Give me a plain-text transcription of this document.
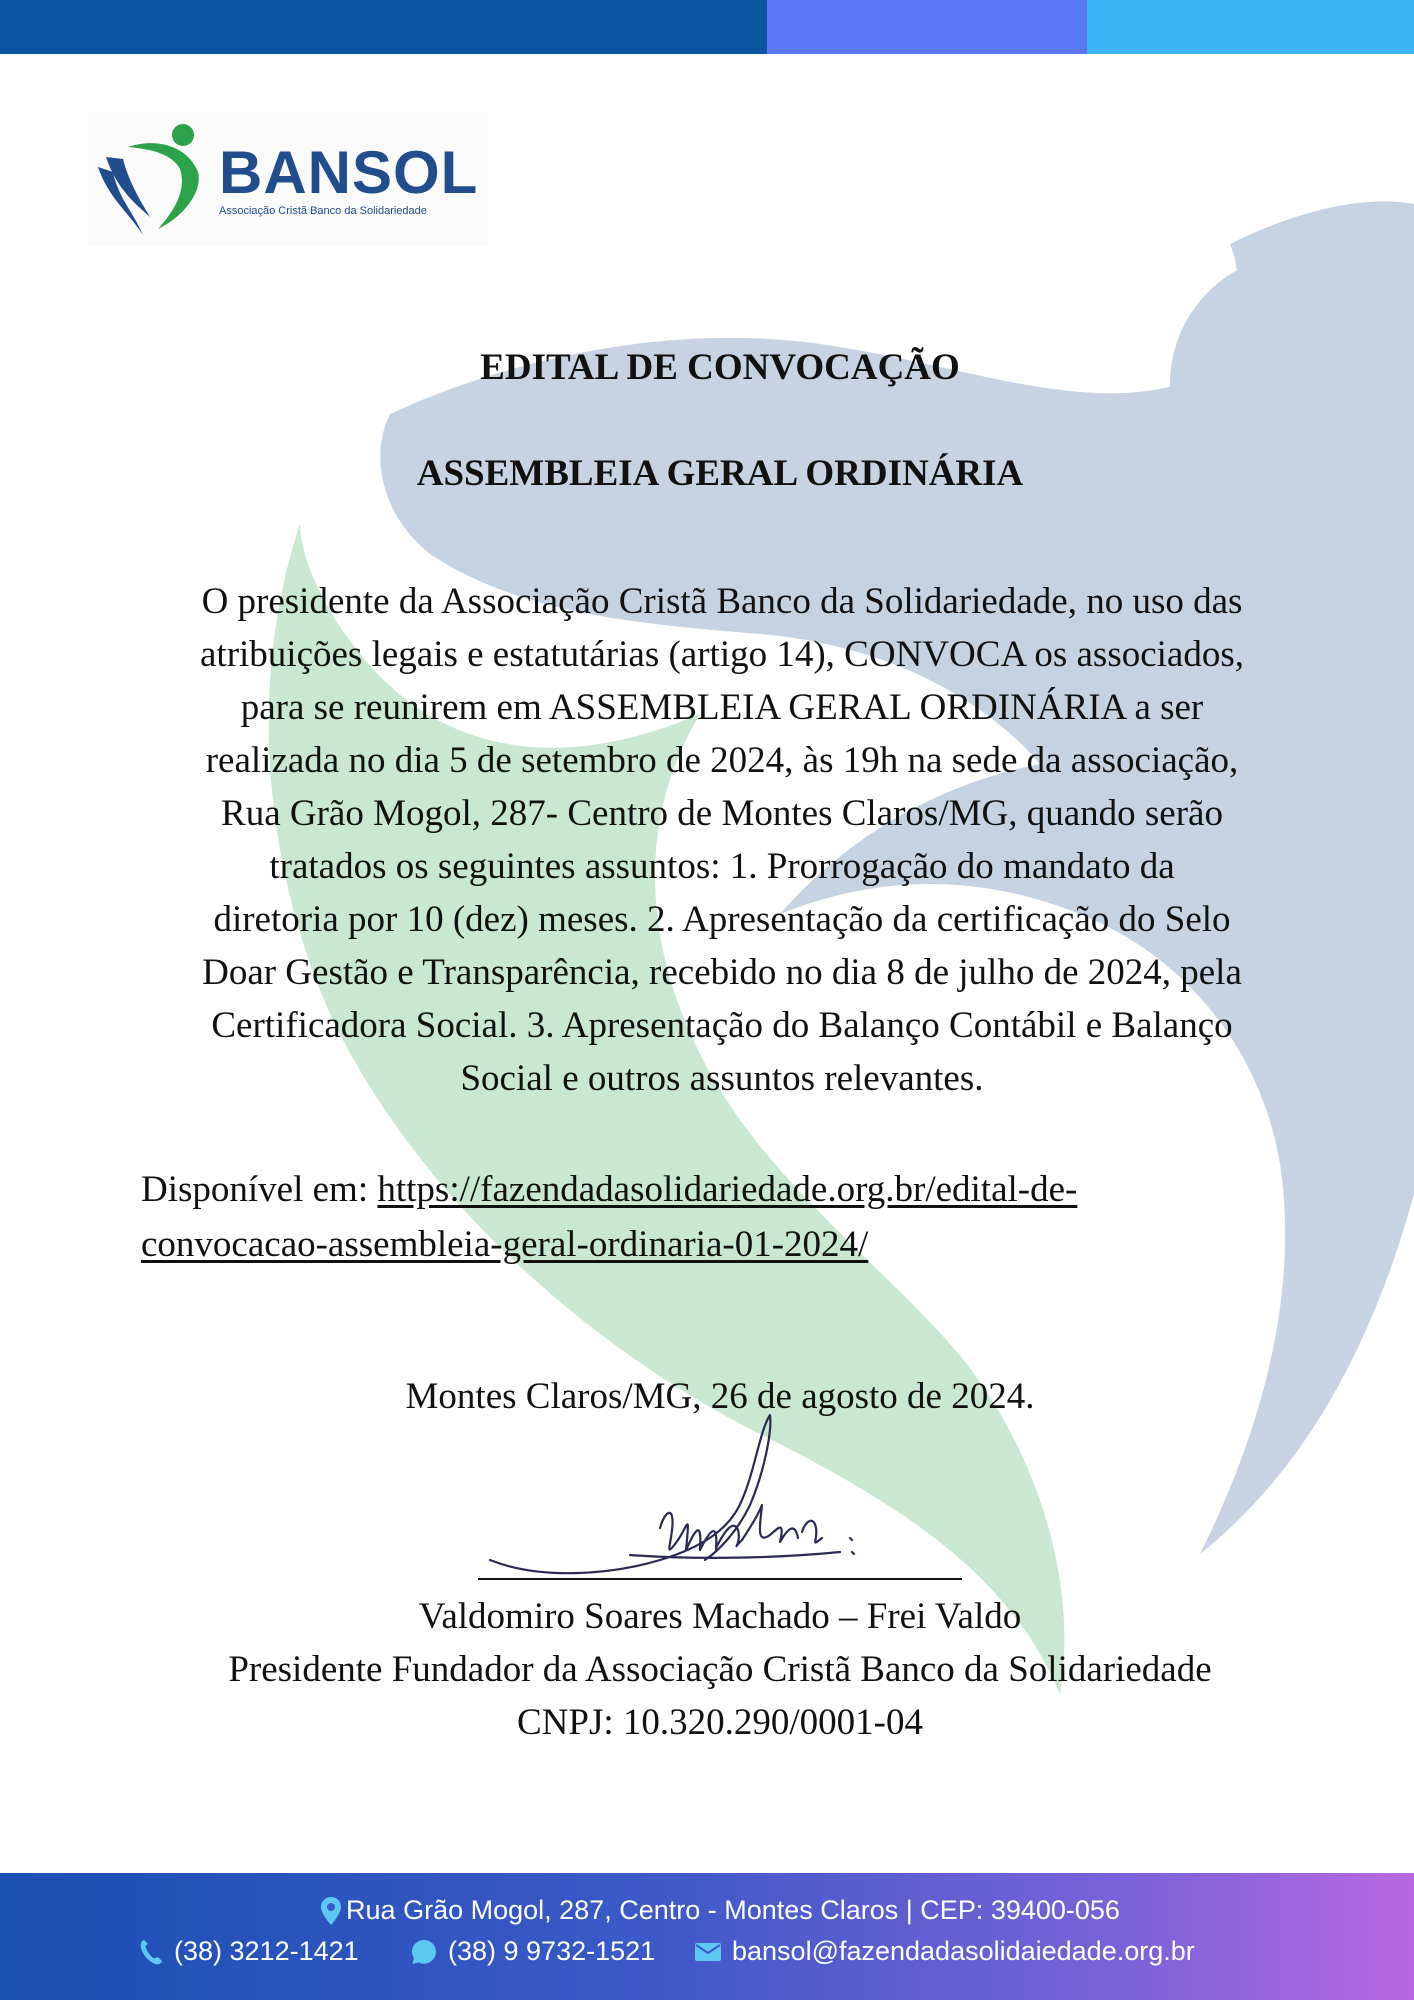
BANSOL
Associação Cristã Banco da Solidariedade
EDITAL DE CONVOCAÇÃO
ASSEMBLEIA GERAL ORDINÁRIA
O presidente da Associação Cristã Banco da Solidariedade, no uso das
atribuições legais e estatutárias (artigo 14), CONVOCA os associados,
para se reunirem em ASSEMBLEIA GERAL ORDINÁRIA a ser
realizada no dia 5 de setembro de 2024, às 19h na sede da associação,
Rua Grão Mogol, 287- Centro de Montes Claros/MG, quando serão
tratados os seguintes assuntos: 1. Prorrogação do mandato da
diretoria por 10 (dez) meses. 2. Apresentação da certificação do Selo
Doar Gestão e Transparência, recebido no dia 8 de julho de 2024, pela
Certificadora Social. 3. Apresentação do Balanço Contábil e Balanço
Social e outros assuntos relevantes.
Disponível em: https://fazendadasolidariedade.org.br/edital-de-
convocacao-assembleia-geral-ordinaria-01-2024/
Montes Claros/MG, 26 de agosto de 2024.
Valdomiro Soares Machado – Frei Valdo
Presidente Fundador da Associação Cristã Banco da Solidariedade
CNPJ: 10.320.290/0001-04
Rua Grão Mogol, 287, Centro - Montes Claros | CEP: 39400-056
(38) 3212-1421	(38) 9 9732-1521	bansol@fazendadasolidaiedade.org.br
